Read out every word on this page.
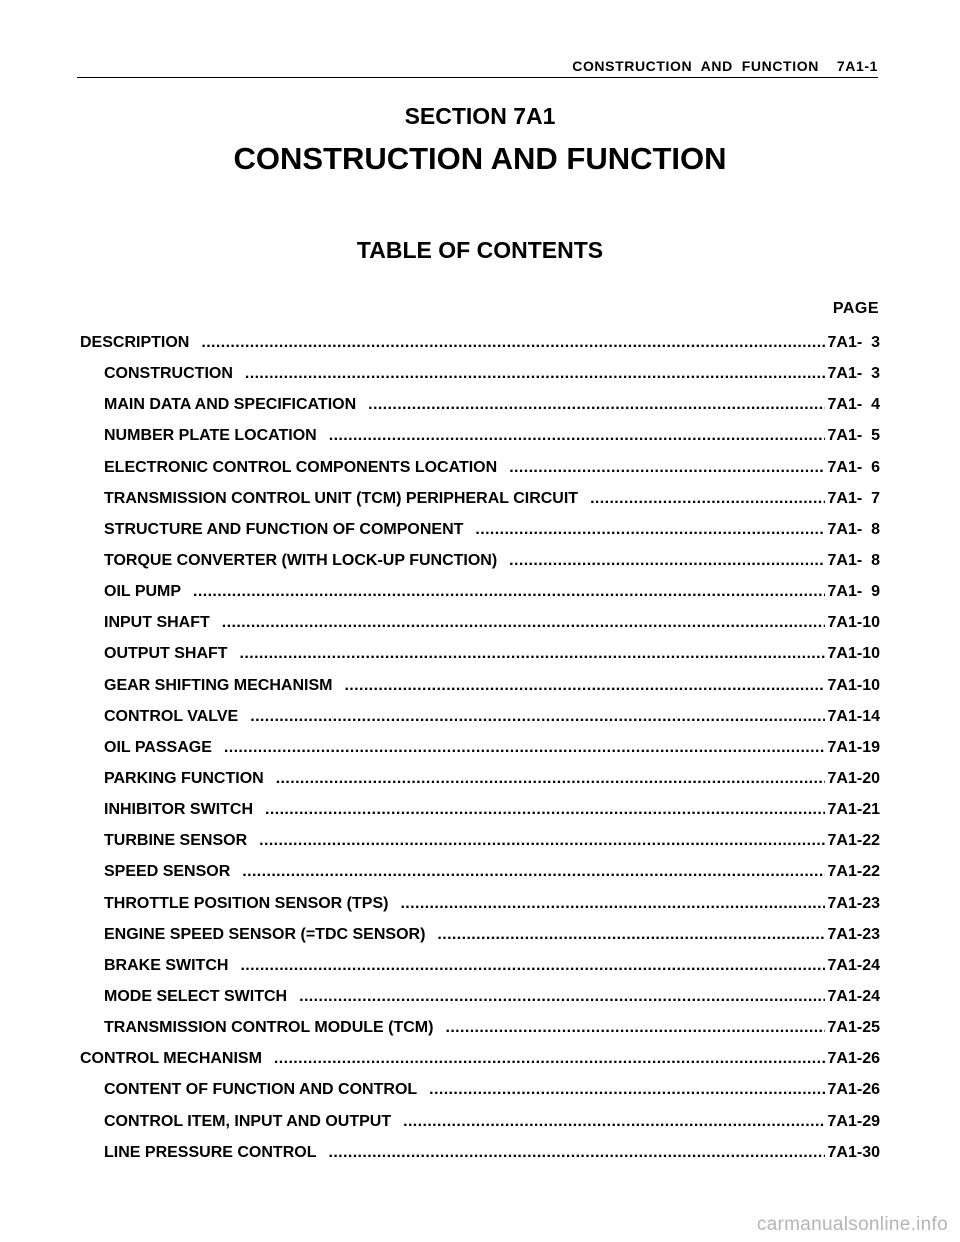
CONSTRUCTION  AND  FUNCTION    7A1-1
SECTION 7A1
CONSTRUCTION AND FUNCTION
TABLE OF CONTENTS
PAGE
DESCRIPTION .....	7A1-  3
CONSTRUCTION .....	7A1-  3
MAIN DATA AND SPECIFICATION .....	7A1-  4
NUMBER PLATE LOCATION .....	7A1-  5
ELECTRONIC CONTROL COMPONENTS LOCATION .....	7A1-  6
TRANSMISSION CONTROL UNIT (TCM) PERIPHERAL CIRCUIT .....	7A1-  7
STRUCTURE AND FUNCTION OF COMPONENT .....	7A1-  8
TORQUE CONVERTER (WITH LOCK-UP FUNCTION) .....	7A1-  8
OIL PUMP .....	7A1-  9
INPUT SHAFT .....	7A1-10
OUTPUT SHAFT .....	7A1-10
GEAR SHIFTING MECHANISM .....	7A1-10
CONTROL VALVE .....	7A1-14
OIL PASSAGE .....	7A1-19
PARKING FUNCTION .....	7A1-20
INHIBITOR SWITCH .....	7A1-21
TURBINE SENSOR .....	7A1-22
SPEED SENSOR .....	7A1-22
THROTTLE POSITION SENSOR (TPS) .....	7A1-23
ENGINE SPEED SENSOR (=TDC SENSOR) .....	7A1-23
BRAKE SWITCH .....	7A1-24
MODE SELECT SWITCH .....	7A1-24
TRANSMISSION CONTROL MODULE (TCM) .....	7A1-25
CONTROL MECHANISM .....	7A1-26
CONTENT OF FUNCTION AND CONTROL .....	7A1-26
CONTROL ITEM, INPUT AND OUTPUT .....	7A1-29
LINE PRESSURE CONTROL .....	7A1-30
carmanualsonline.info
